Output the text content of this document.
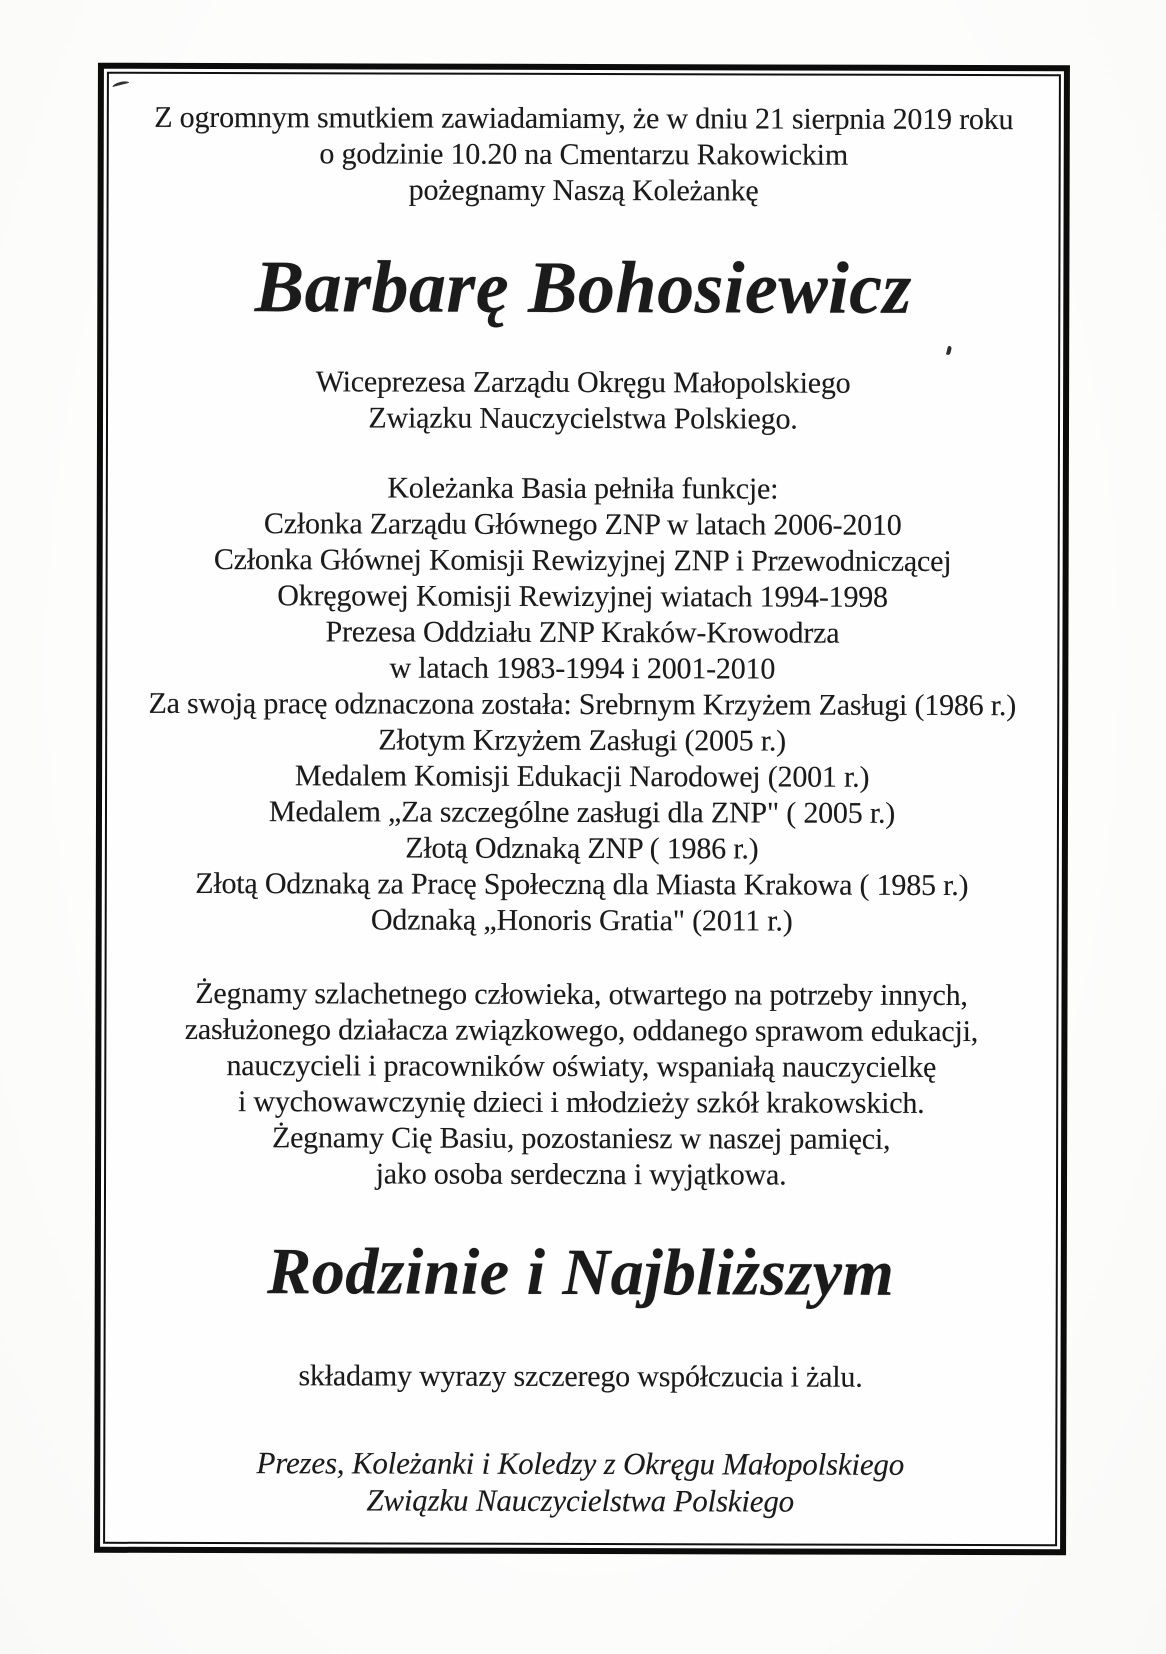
Z ogromnym smutkiem zawiadamiamy, że w dniu 21 sierpnia 2019 roku

o godzinie 10.20 na Cmentarzu Rakowickim

pożegnamy Naszą Koleżankę

Barbarę Bohosiewicz

Wiceprezesa Zarządu Okręgu Małopolskiego

Związku Nauczycielstwa Polskiego.

Koleżanka Basia pełniła funkcje:

Członka Zarządu Głównego ZNP w latach 2006-2010

Członka Głównej Komisji Rewizyjnej ZNP i Przewodniczącej

Okręgowej Komisji Rewizyjnej wiatach 1994-1998

Prezesa Oddziału ZNP Kraków-Krowodrza

w latach 1983-1994 i 2001-2010

Za swoją pracę odznaczona została: Srebrnym Krzyżem Zasługi (1986 r.)

Złotym Krzyżem Zasługi (2005 r.)

Medalem Komisji Edukacji Narodowej (2001 r.)

Medalem „Za szczególne zasługi dla ZNP" ( 2005 r.)

Złotą Odznaką ZNP ( 1986 r.)

Złotą Odznaką za Pracę Społeczną dla Miasta Krakowa ( 1985 r.)

Odznaką „Honoris Gratia" (2011 r.)

Żegnamy szlachetnego człowieka, otwartego na potrzeby innych,

zasłużonego działacza związkowego, oddanego sprawom edukacji,

nauczycieli i pracowników oświaty, wspaniałą nauczycielkę

i wychowawczynię dzieci i młodzieży szkół krakowskich.

Żegnamy Cię Basiu, pozostaniesz w naszej pamięci,

jako osoba serdeczna i wyjątkowa.

Rodzinie i Najbliższym

składamy wyrazy szczerego współczucia i żalu.

Prezes, Koleżanki i Koledzy z Okręgu Małopolskiego

Związku Nauczycielstwa Polskiego
